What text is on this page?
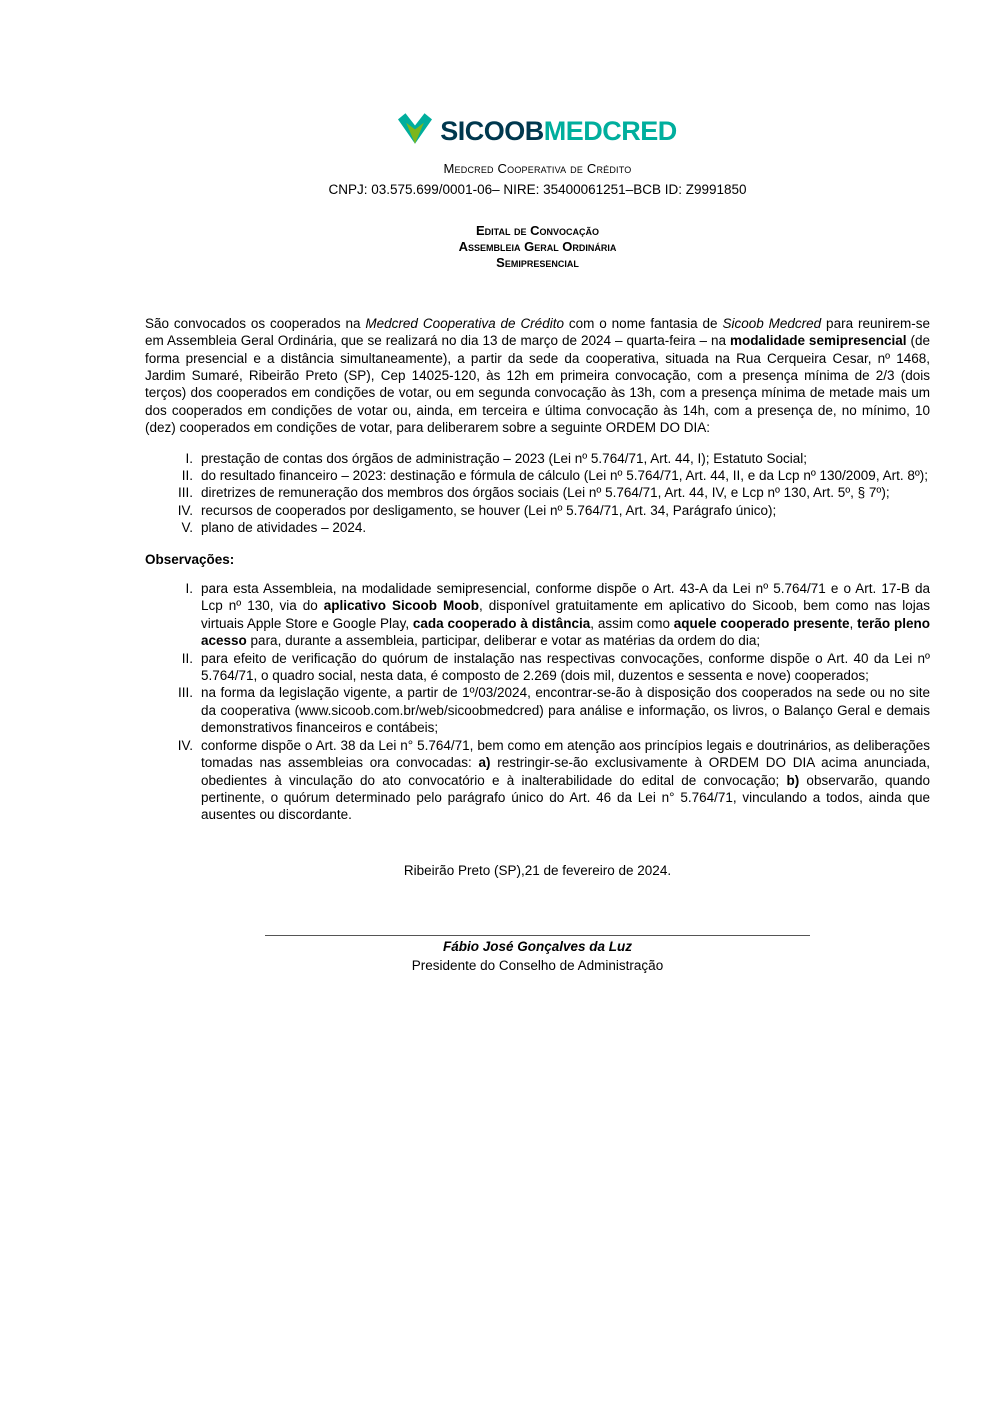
SICOOBMEDCRED
Medcred Cooperativa de Crédito
CNPJ: 03.575.699/0001-06– NIRE: 35400061251–BCB ID: Z9991850
Edital de Convocação
Assembleia Geral Ordinária
Semipresencial

São convocados os cooperados na Medcred Cooperativa de Crédito com o nome fantasia de Sicoob Medcred para reunirem-se em Assembleia Geral Ordinária, que se realizará no dia 13 de março de 2024 – quarta-feira – na modalidade semipresencial (de forma presencial e a distância simultaneamente), a partir da sede da cooperativa, situada na Rua Cerqueira Cesar, nº 1468, Jardim Sumaré, Ribeirão Preto (SP), Cep 14025-120, às 12h em primeira convocação, com a presença mínima de 2/3 (dois terços) dos cooperados em condições de votar, ou em segunda convocação às 13h, com a presença mínima de metade mais um dos cooperados em condições de votar ou, ainda, em terceira e última convocação às 14h, com a presença de, no mínimo, 10 (dez) cooperados em condições de votar, para deliberarem sobre a seguinte ORDEM DO DIA:

I. prestação de contas dos órgãos de administração – 2023 (Lei nº 5.764/71, Art. 44, I); Estatuto Social;
II. do resultado financeiro – 2023: destinação e fórmula de cálculo (Lei nº 5.764/71, Art. 44, II, e da Lcp nº 130/2009, Art. 8º);
III. diretrizes de remuneração dos membros dos órgãos sociais (Lei nº 5.764/71, Art. 44, IV, e Lcp nº 130, Art. 5º, § 7º);
IV. recursos de cooperados por desligamento, se houver (Lei nº 5.764/71, Art. 34, Parágrafo único);
V. plano de atividades – 2024.

Observações:

I. para esta Assembleia, na modalidade semipresencial, conforme dispõe o Art. 43-A da Lei nº 5.764/71 e o Art. 17-B da Lcp nº 130, via do aplicativo Sicoob Moob, disponível gratuitamente em aplicativo do Sicoob, bem como nas lojas virtuais Apple Store e Google Play, cada cooperado à distância, assim como aquele cooperado presente, terão pleno acesso para, durante a assembleia, participar, deliberar e votar as matérias da ordem do dia;
II. para efeito de verificação do quórum de instalação nas respectivas convocações, conforme dispõe o Art. 40 da Lei nº 5.764/71, o quadro social, nesta data, é composto de 2.269 (dois mil, duzentos e sessenta e nove) cooperados;
III. na forma da legislação vigente, a partir de 1º/03/2024, encontrar-se-ão à disposição dos cooperados na sede ou no site da cooperativa (www.sicoob.com.br/web/sicoobmedcred) para análise e informação, os livros, o Balanço Geral e demais demonstrativos financeiros e contábeis;
IV. conforme dispõe o Art. 38 da Lei n° 5.764/71, bem como em atenção aos princípios legais e doutrinários, as deliberações tomadas nas assembleias ora convocadas: a) restringir-se-ão exclusivamente à ORDEM DO DIA acima anunciada, obedientes à vinculação do ato convocatório e à inalterabilidade do edital de convocação; b) observarão, quando pertinente, o quórum determinado pelo parágrafo único do Art. 46 da Lei n° 5.764/71, vinculando a todos, ainda que ausentes ou discordante.

Ribeirão Preto (SP),21 de fevereiro de 2024.

Fábio José Gonçalves da Luz
Presidente do Conselho de Administração
